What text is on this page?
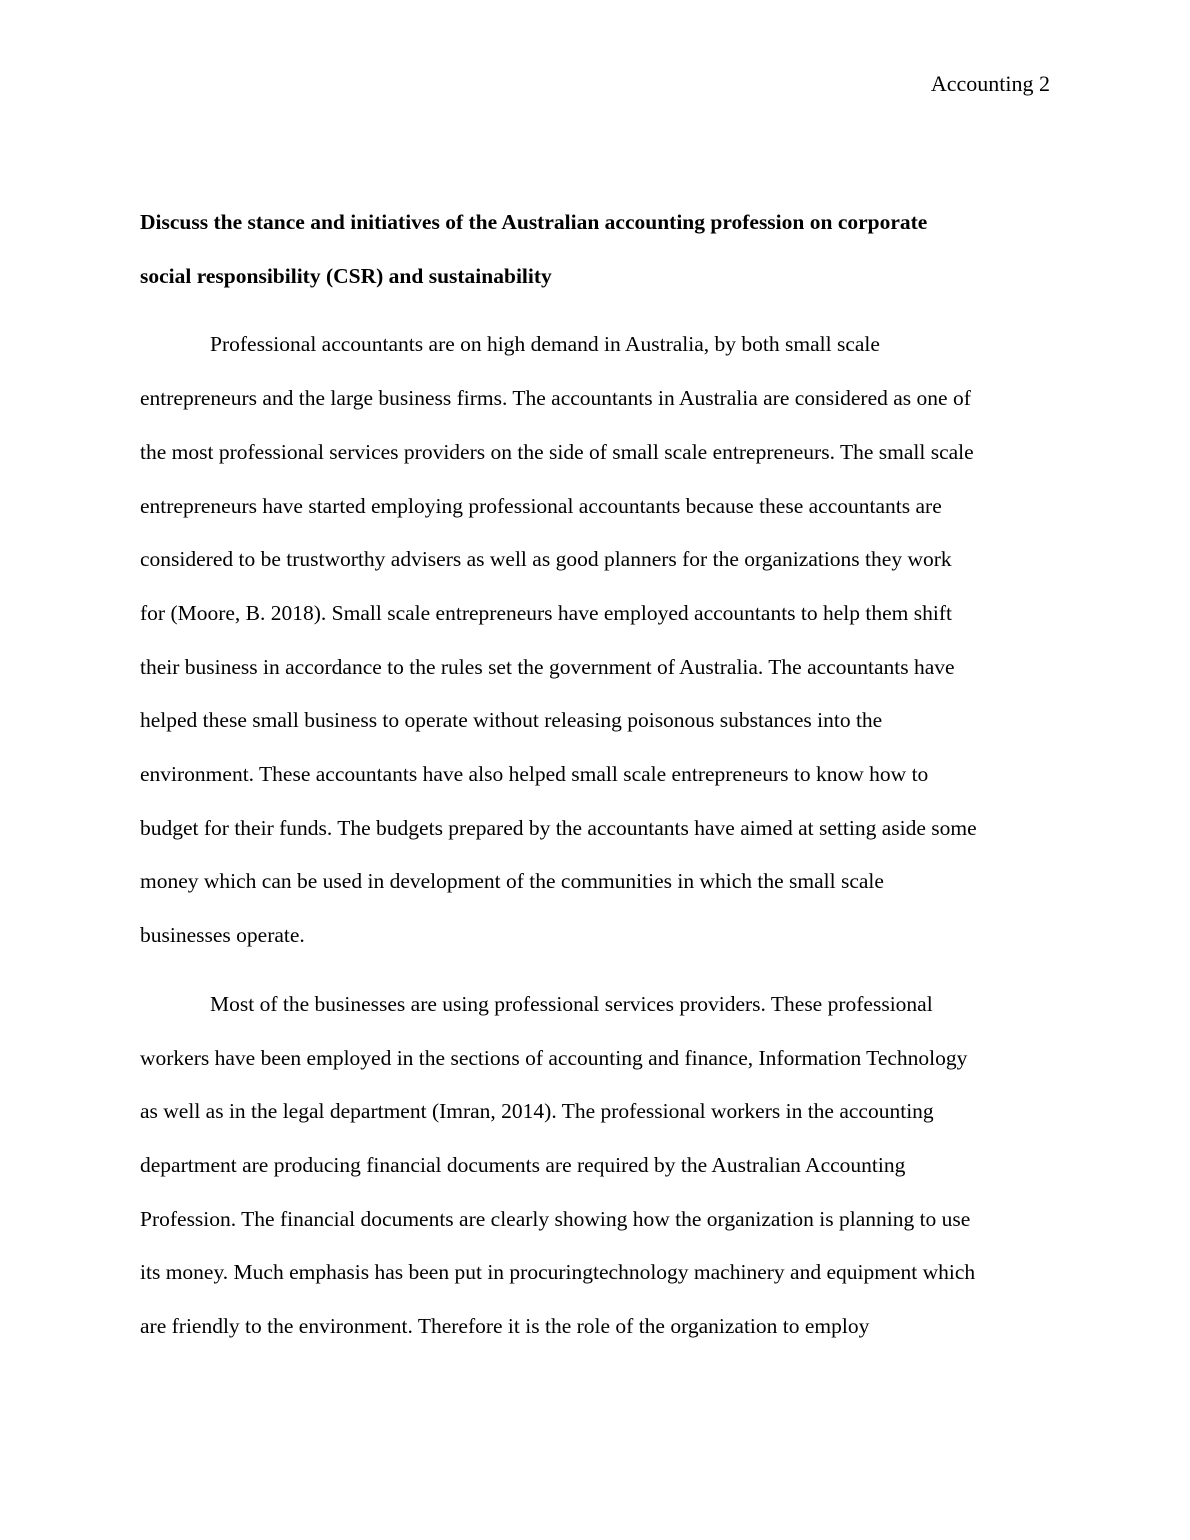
Accounting 2
Discuss the stance and initiatives of the Australian accounting profession on corporate
social responsibility (CSR) and sustainability
Professional accountants are on high demand in Australia, by both small scale
entrepreneurs and the large business firms. The accountants in Australia are considered as one of
the most professional services providers on the side of small scale entrepreneurs. The small scale
entrepreneurs have started employing professional accountants because these accountants are
considered to be trustworthy advisers as well as good planners for the organizations they work
for (Moore, B. 2018). Small scale entrepreneurs have employed accountants to help them shift
their business in accordance to the rules set the government of Australia. The accountants have
helped these small business to operate without releasing poisonous substances into the
environment. These accountants have also helped small scale entrepreneurs to know how to
budget for their funds. The budgets prepared by the accountants have aimed at setting aside some
money which can be used in development of the communities in which the small scale
businesses operate.
Most of the businesses are using professional services providers. These professional
workers have been employed in the sections of accounting and finance, Information Technology
as well as in the legal department (Imran, 2014). The professional workers in the accounting
department are producing financial documents are required by the Australian Accounting
Profession. The financial documents are clearly showing how the organization is planning to use
its money. Much emphasis has been put in procuringtechnology machinery and equipment which
are friendly to the environment. Therefore it is the role of the organization to employ
